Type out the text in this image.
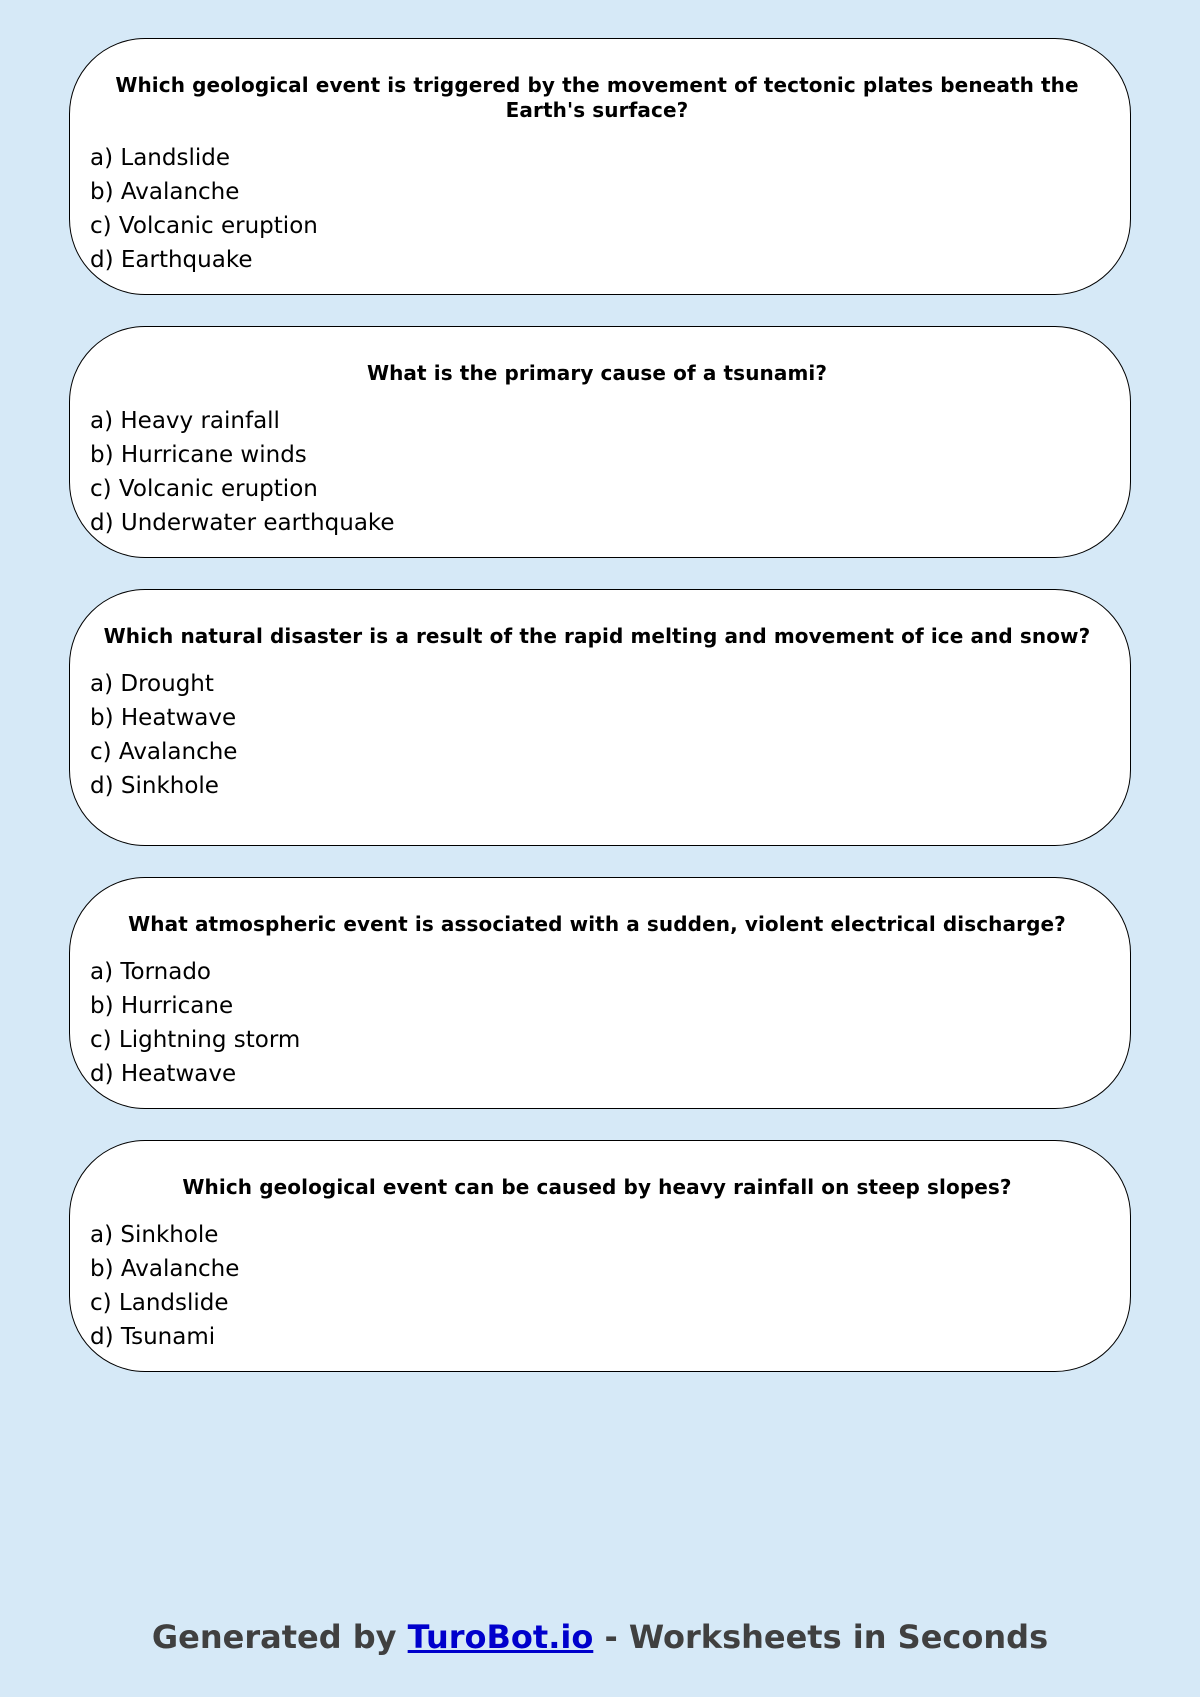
Which geological event is triggered by the movement of tectonic plates beneath the Earth's surface?

a) Landslide
b) Avalanche
c) Volcanic eruption
d) Earthquake

What is the primary cause of a tsunami?

a) Heavy rainfall
b) Hurricane winds
c) Volcanic eruption
d) Underwater earthquake

Which natural disaster is a result of the rapid melting and movement of ice and snow?

a) Drought
b) Heatwave
c) Avalanche
d) Sinkhole

What atmospheric event is associated with a sudden, violent electrical discharge?

a) Tornado
b) Hurricane
c) Lightning storm
d) Heatwave

Which geological event can be caused by heavy rainfall on steep slopes?

a) Sinkhole
b) Avalanche
c) Landslide
d) Tsunami
Generated by TuroBot.io - Worksheets in Seconds
